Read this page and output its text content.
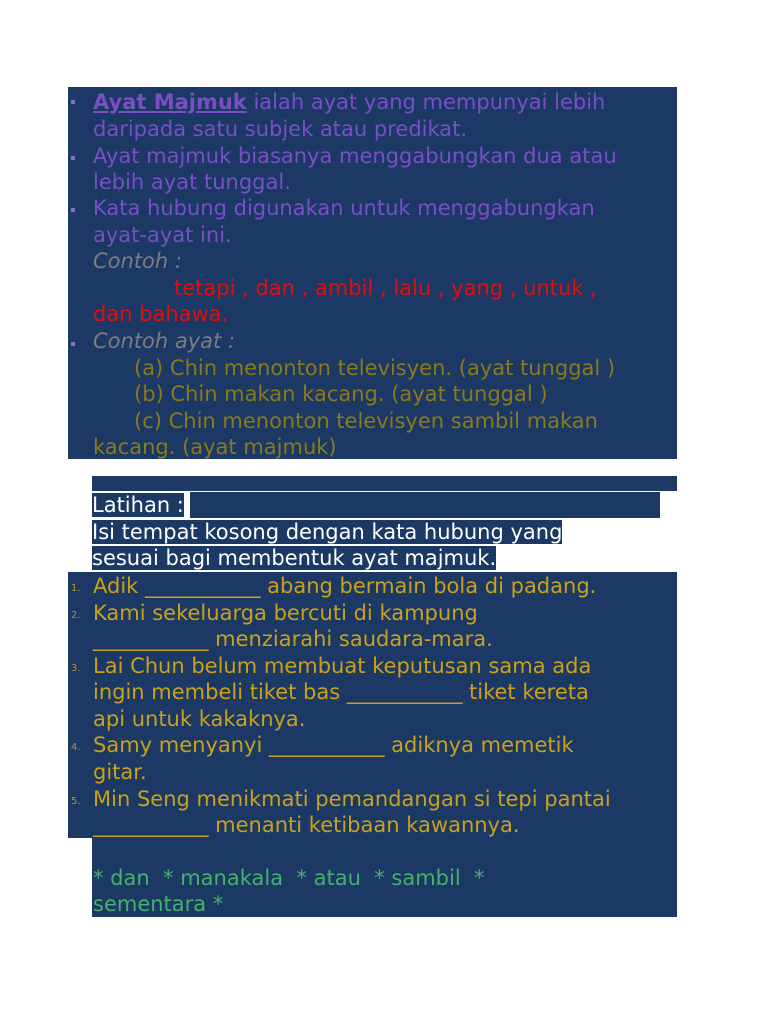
Ayat Majmuk ialah ayat yang mempunyai lebih
daripada satu subjek atau predikat.
Ayat majmuk biasanya menggabungkan dua atau
lebih ayat tunggal.
Kata hubung digunakan untuk menggabungkan
ayat-ayat ini.
Contoh :
tetapi , dan , ambil , lalu , yang , untuk ,
dan bahawa.
Contoh ayat :
(a) Chin menonton televisyen. (ayat tunggal )
(b) Chin makan kacang. (ayat tunggal )
(c) Chin menonton televisyen sambil makan
kacang. (ayat majmuk)
Latihan :
Isi tempat kosong dengan kata hubung yang
sesuai bagi membentuk ayat majmuk.
1. Adik ___________ abang bermain bola di padang.
2. Kami sekeluarga bercuti di kampung
___________ menziarahi saudara-mara.
3. Lai Chun belum membuat keputusan sama ada
ingin membeli tiket bas ___________ tiket kereta
api untuk kakaknya.
4. Samy menyanyi ___________ adiknya memetik
gitar.
5. Min Seng menikmati pemandangan si tepi pantai
___________ menanti ketibaan kawannya.
* dan  * manakala  * atau  * sambil  *
sementara *
